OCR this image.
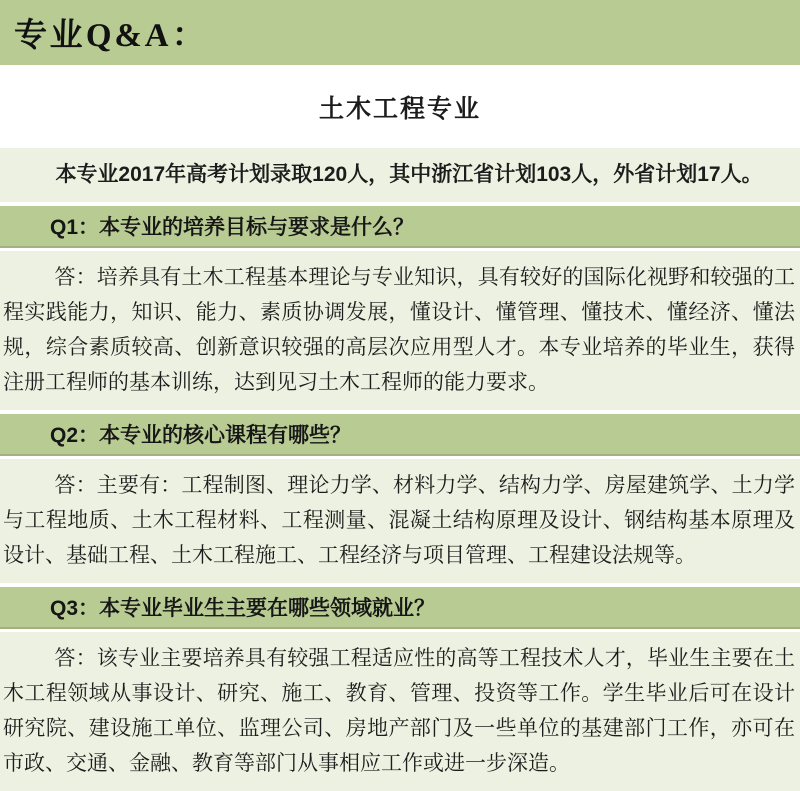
专业Q&A：
土木工程专业
本专业2017年高考计划录取120人，其中浙江省计划103人，外省计划17人。
Q1：本专业的培养目标与要求是什么？

答：培养具有土木工程基本理论与专业知识，具有较好的国际化视野和较强的工程实践能力，知识、能力、素质协调发展，懂设计、懂管理、懂技术、懂经济、懂法规，综合素质较高、创新意识较强的高层次应用型人才。本专业培养的毕业生，获得注册工程师的基本训练，达到见习土木工程师的能力要求。

Q2：本专业的核心课程有哪些？

答：主要有：工程制图、理论力学、材料力学、结构力学、房屋建筑学、土力学与工程地质、土木工程材料、工程测量、混凝土结构原理及设计、钢结构基本原理及设计、基础工程、土木工程施工、工程经济与项目管理、工程建设法规等。

Q3：本专业毕业生主要在哪些领域就业？

答：该专业主要培养具有较强工程适应性的高等工程技术人才，毕业生主要在土木工程领域从事设计、研究、施工、教育、管理、投资等工作。学生毕业后可在设计研究院、建设施工单位、监理公司、房地产部门及一些单位的基建部门工作，亦可在市政、交通、金融、教育等部门从事相应工作或进一步深造。
